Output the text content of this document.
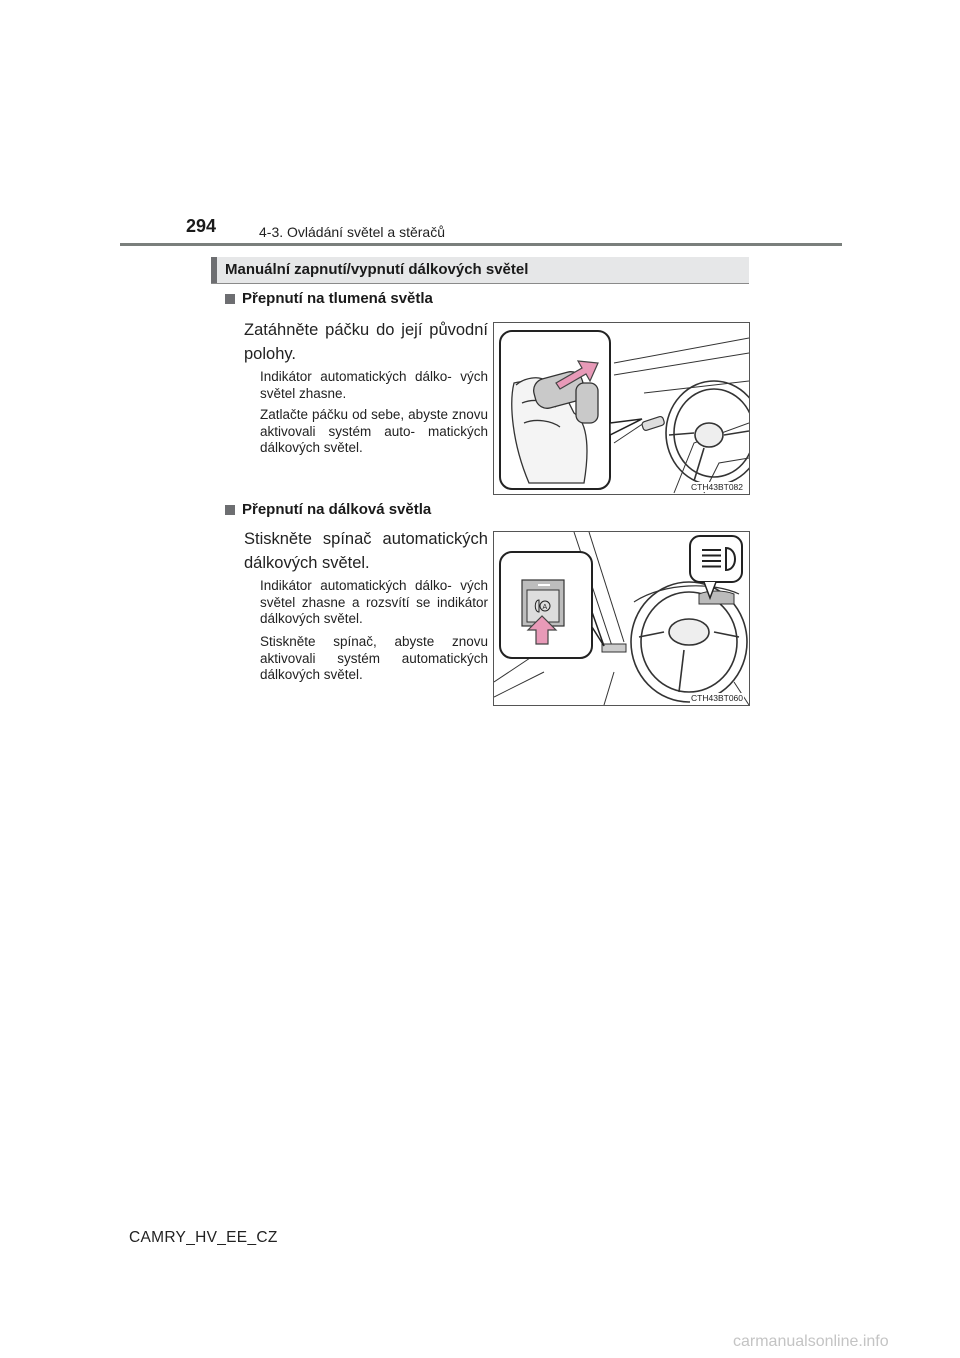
294	4-3. Ovládání světel a stěračů
Manuální zapnutí/vypnutí dálkových světel
Přepnutí na tlumená světla
Zatáhněte páčku do její původní polohy.
Indikátor automatických dálko- vých světel zhasne.
Zatlačte páčku od sebe, abyste znovu aktivovali systém auto- matických dálkových světel.
CTH43BT082
Přepnutí na dálková světla
Stiskněte spínač automatických dálkových světel.
Indikátor automatických dálko- vých světel zhasne a rozsvítí se indikátor dálkových světel.
Stiskněte spínač, abyste znovu aktivovali systém automatických dálkových světel.
A
CTH43BT060
CAMRY_HV_EE_CZ
carmanualsonline.info
